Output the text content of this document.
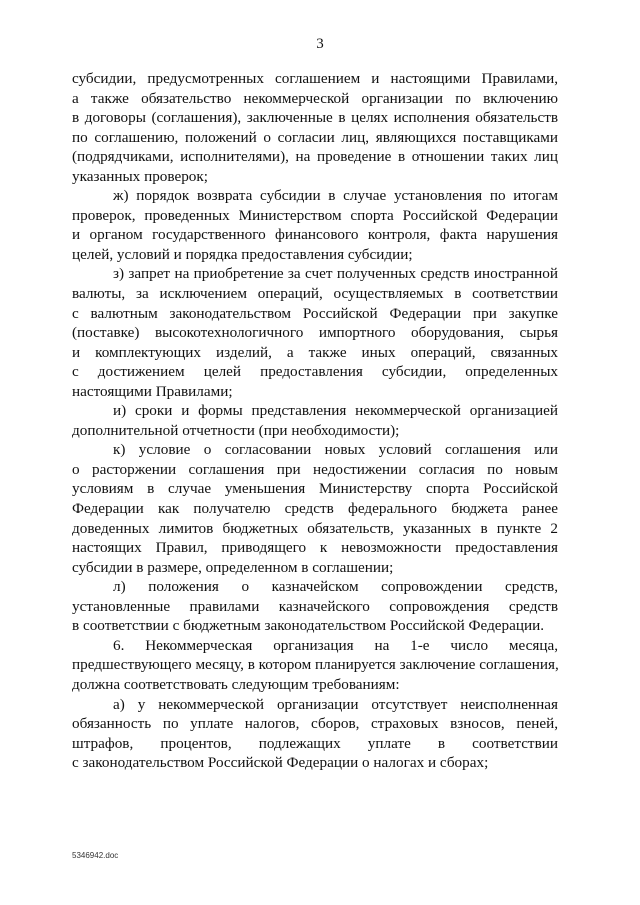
3
субсидии, предусмотренных соглашением и настоящими Правилами,
а также обязательство некоммерческой организации по включению
в договоры (соглашения), заключенные в целях исполнения обязательств
по соглашению, положений о согласии лиц, являющихся поставщиками
(подрядчиками, исполнителями), на проведение в отношении таких лиц
указанных проверок;
ж) порядок возврата субсидии в случае установления по итогам
проверок, проведенных Министерством спорта Российской Федерации
и органом государственного финансового контроля, факта нарушения
целей, условий и порядка предоставления субсидии;
з) запрет на приобретение за счет полученных средств иностранной
валюты, за исключением операций, осуществляемых в соответствии
с валютным законодательством Российской Федерации при закупке
(поставке) высокотехнологичного импортного оборудования, сырья
и комплектующих изделий, а также иных операций, связанных
с достижением целей предоставления субсидии, определенных
настоящими Правилами;
и) сроки и формы представления некоммерческой организацией
дополнительной отчетности (при необходимости);
к) условие о согласовании новых условий соглашения или
о расторжении соглашения при недостижении согласия по новым
условиям в случае уменьшения Министерству спорта Российской
Федерации как получателю средств федерального бюджета ранее
доведенных лимитов бюджетных обязательств, указанных в пункте 2
настоящих Правил, приводящего к невозможности предоставления
субсидии в размере, определенном в соглашении;
л) положения о казначейском сопровождении средств,
установленные правилами казначейского сопровождения средств
в соответствии с бюджетным законодательством Российской Федерации.
6. Некоммерческая организация на 1-е число месяца,
предшествующего месяцу, в котором планируется заключение соглашения,
должна соответствовать следующим требованиям:
а) у некоммерческой организации отсутствует неисполненная
обязанность по уплате налогов, сборов, страховых взносов, пеней,
штрафов, процентов, подлежащих уплате в соответствии
с законодательством Российской Федерации о налогах и сборах;
5346942.doc
